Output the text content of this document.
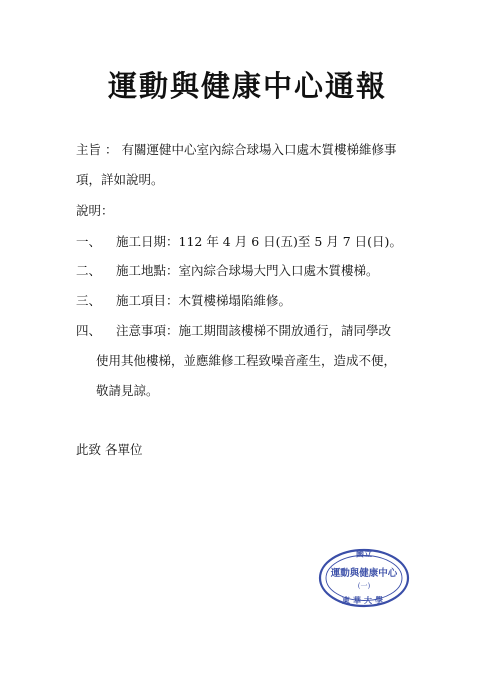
運動與健康中心通報
主旨 ： 有關運健中心室內綜合球場入口處木質樓梯維修事
項，詳如說明。
說明：
一、 施工日期：112 年 4 月 6 日(五)至 5 月 7 日(日)。
二、 施工地點：室內綜合球場大門入口處木質樓梯。
三、 施工項目：木質樓梯塌陷維修。
四、 注意事項：施工期間該樓梯不開放通行，請同學改
使用其他樓梯，並應維修工程致噪音產生，造成不便，
敬請見諒。
此致 各單位
國立
運動與健康中心
(一)
東華大學
